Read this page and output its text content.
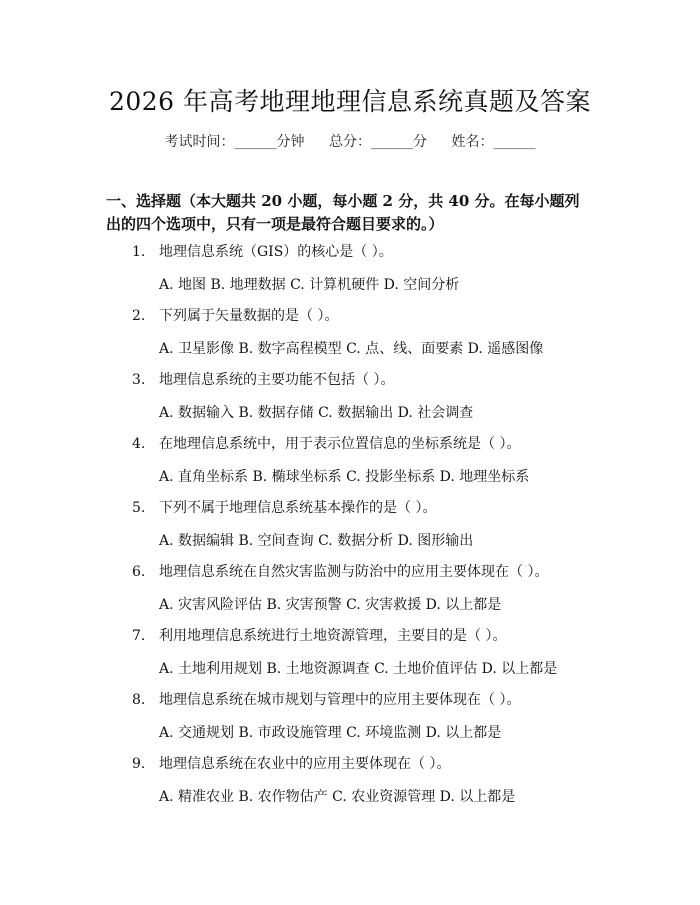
2026 年高考地理地理信息系统真题及答案
考试时间：______分钟 总分：______分 姓名：______
一、选择题（本大题共 20 小题，每小题 2 分，共 40 分。在每小题列出的四个选项中，只有一项是最符合题目要求的。）
1. 地理信息系统（GIS）的核心是（ ）。
A. 地图 B. 地理数据 C. 计算机硬件 D. 空间分析
2. 下列属于矢量数据的是（ ）。
A. 卫星影像 B. 数字高程模型 C. 点、线、面要素 D. 遥感图像
3. 地理信息系统的主要功能不包括（ ）。
A. 数据输入 B. 数据存储 C. 数据输出 D. 社会调查
4. 在地理信息系统中，用于表示位置信息的坐标系统是（ ）。
A. 直角坐标系 B. 椭球坐标系 C. 投影坐标系 D. 地理坐标系
5. 下列不属于地理信息系统基本操作的是（ ）。
A. 数据编辑 B. 空间查询 C. 数据分析 D. 图形输出
6. 地理信息系统在自然灾害监测与防治中的应用主要体现在（ ）。
A. 灾害风险评估 B. 灾害预警 C. 灾害救援 D. 以上都是
7. 利用地理信息系统进行土地资源管理，主要目的是（ ）。
A. 土地利用规划 B. 土地资源调查 C. 土地价值评估 D. 以上都是
8. 地理信息系统在城市规划与管理中的应用主要体现在（ ）。
A. 交通规划 B. 市政设施管理 C. 环境监测 D. 以上都是
9. 地理信息系统在农业中的应用主要体现在（ ）。
A. 精准农业 B. 农作物估产 C. 农业资源管理 D. 以上都是
